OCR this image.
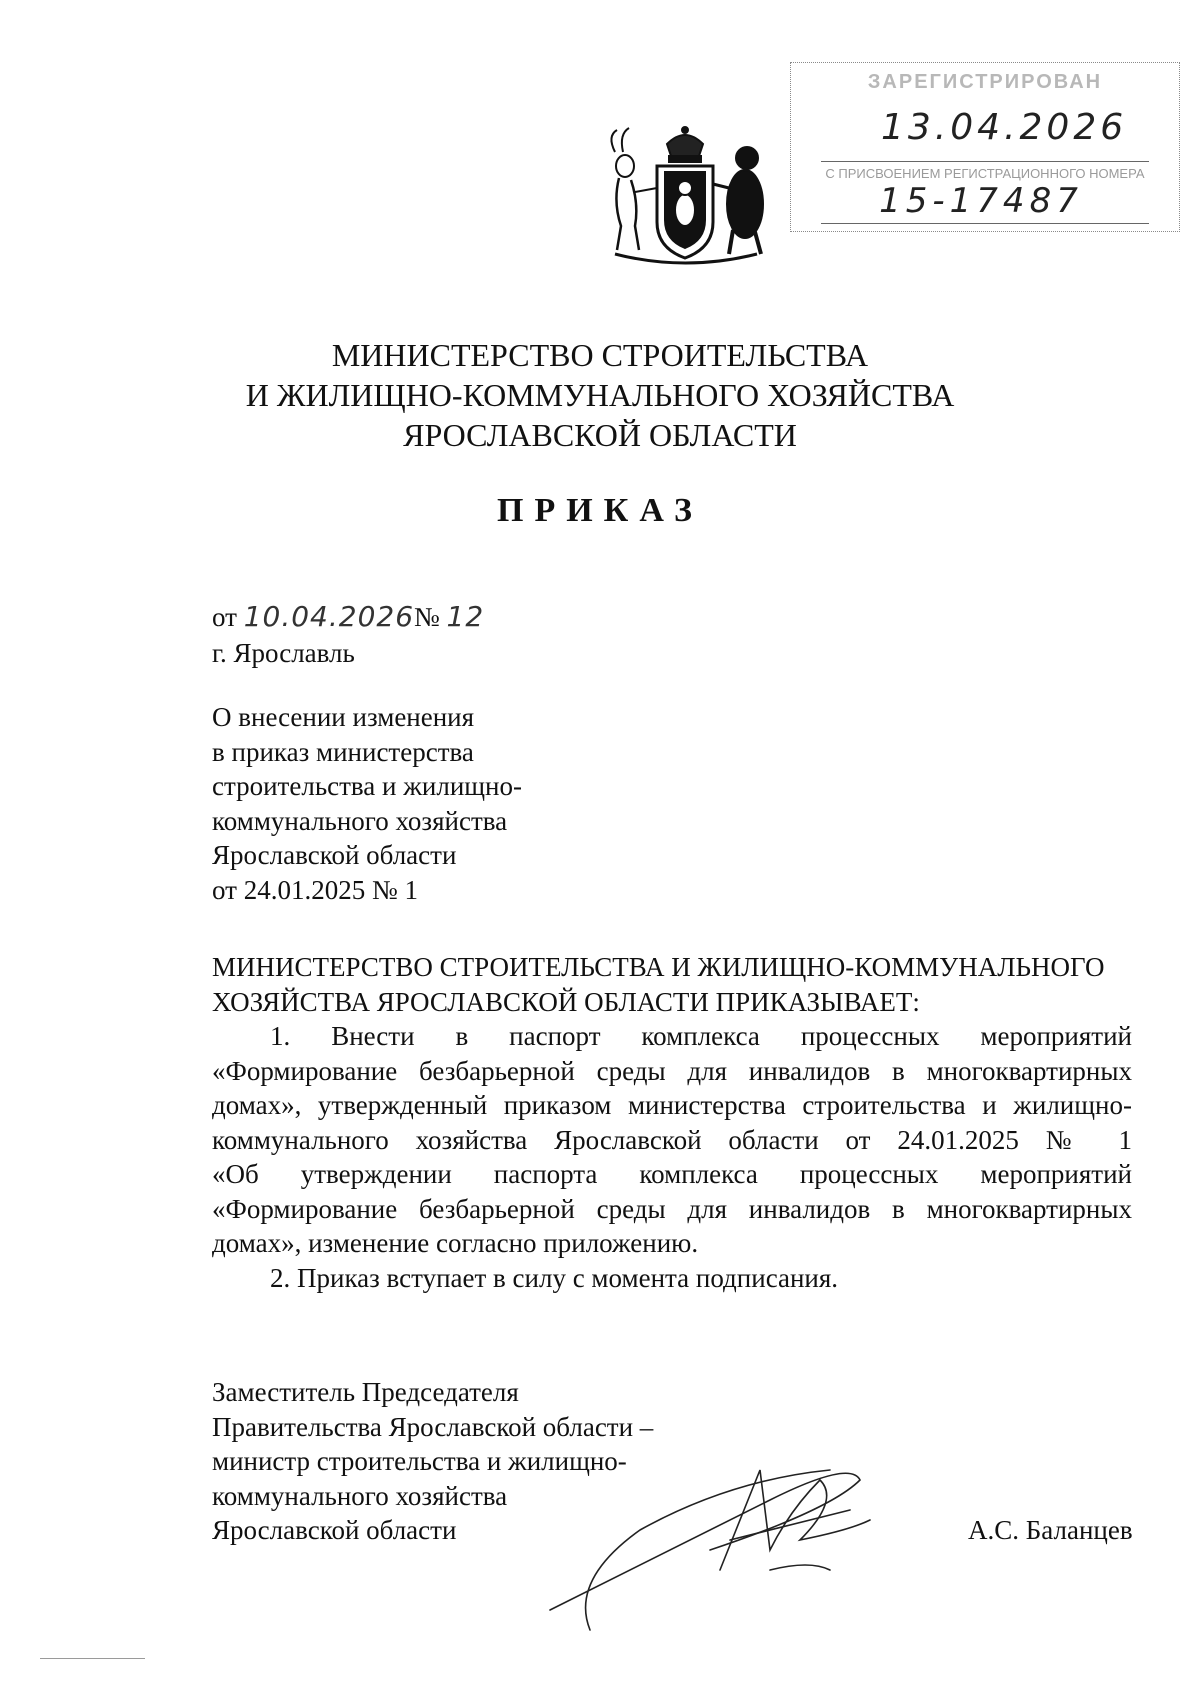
ЗАРЕГИСТРИРОВАН
13.04.2026
С ПРИСВОЕНИЕМ РЕГИСТРАЦИОННОГО НОМЕРА
15-17487
МИНИСТЕРСТВО СТРОИТЕЛЬСТВА
И ЖИЛИЩНО-КОММУНАЛЬНОГО ХОЗЯЙСТВА
ЯРОСЛАВСКОЙ ОБЛАСТИ
ПРИКАЗ
от 10.04.2026№ 12
г. Ярославль
О внесении изменения
в приказ министерства
строительства и жилищно-
коммунального хозяйства
Ярославской области
от 24.01.2025 № 1
МИНИСТЕРСТВО СТРОИТЕЛЬСТВА И ЖИЛИЩНО-КОММУНАЛЬНОГО
ХОЗЯЙСТВА ЯРОСЛАВСКОЙ ОБЛАСТИ ПРИКАЗЫВАЕТ:
1. Внести в паспорт комплекса процессных мероприятий
«Формирование безбарьерной среды для инвалидов в многоквартирных
домах», утвержденный приказом министерства строительства и жилищно-
коммунального хозяйства Ярославской области от 24.01.2025 № 1
«Об утверждении паспорта комплекса процессных мероприятий
«Формирование безбарьерной среды для инвалидов в многоквартирных
домах», изменение согласно приложению.
2. Приказ вступает в силу с момента подписания.
Заместитель Председателя
Правительства Ярославской области –
министр строительства и жилищно-
коммунального хозяйства
Ярославской области	А.С. Баланцев
